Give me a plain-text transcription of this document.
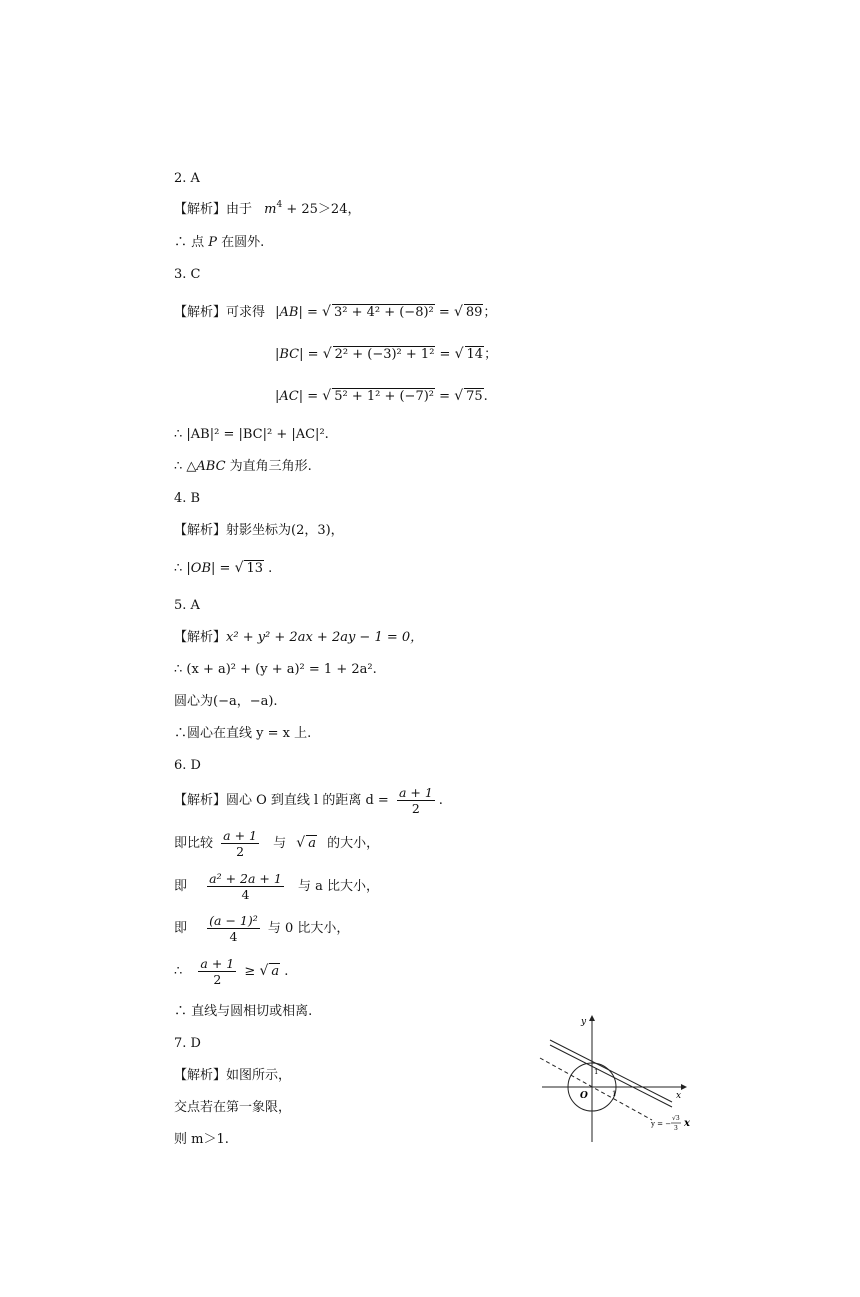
2. A
【解析】由于 $m^4 + 25>24$，
∴ 点 P 在圆外.
3. C
【解析】可求得 |AB| = √ 3² + 4² + (−8)² = √ 89；
|BC| = √ 2² + (−3)² + 1² = √ 14；
|AC| = √ 5² + 1² + (−7)² = √ 75.
∴ |AB|² = |BC|² + |AC|².
∴ △ABC 为直角三角形.
4. B
【解析】射影坐标为(2，3)，
∴ |OB| = √ 13 .
5. A
【解析】x² + y² + 2ax + 2ay − 1 = 0，
∴ (x + a)² + (y + a)² = 1 + 2a².
圆心为(−a，−a).
∴圆心在直线 y = x 上.
6. D
【解析】圆心 O 到直线 l 的距离 $d = \frac{a + 1}{2}$ .
即比较 $\frac{a + 1}{2}$ 与 √ a 的大小，
即 $\frac{\text{a² + 2a + 1}}{4}$ 与 a 比大小，
即 $\frac{\text{(a − 1)²}}{4}$ 与 0 比大小，
∴ $\frac{a + 1}{2}$ ≥ √ a .
∴ 直线与圆相切或相离.
7. D
【解析】如图所示，
交点若在第一象限，
则 m＞1.
y
x
O
1
1
y = −
√3
3 x
